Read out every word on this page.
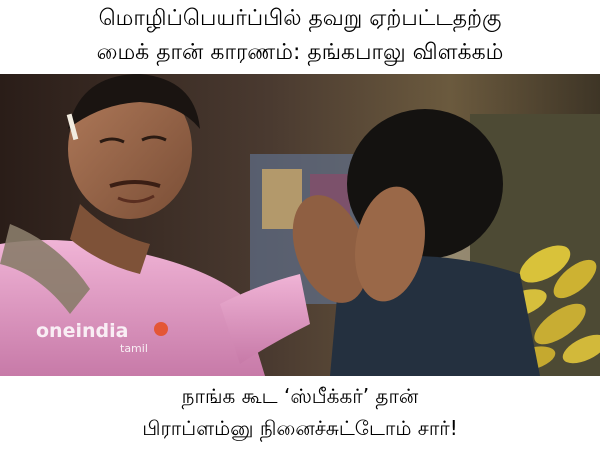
மொழிப்பெயர்ப்பில் தவறு ஏற்பட்டதற்கு
மைக் தான் காரணம்: தங்கபாலு விளக்கம்
oneindia
tamil
நாங்க கூட ‘ஸ்பீக்கர்’ தான்
பிராப்ளம்னு நினைச்சுட்டோம் சார்!
